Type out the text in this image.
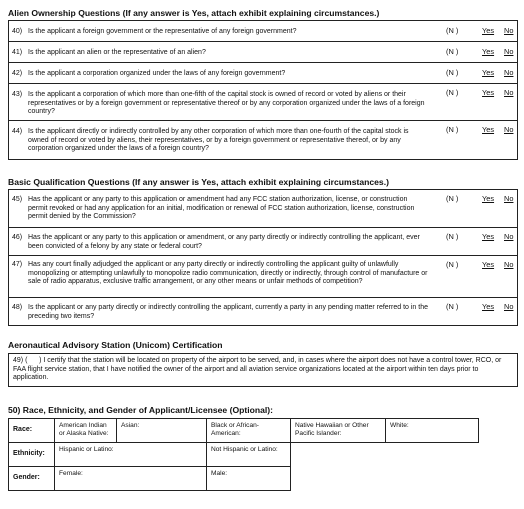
Alien Ownership Questions (If any answer is Yes, attach exhibit explaining circumstances.)
40) Is the applicant a foreign government or the representative of any foreign government?	(N )	Yes No
41) Is the applicant an alien or the representative of an alien?	(N )	Yes No
42) Is the applicant a corporation organized under the laws of any foreign government?	(N )	Yes No
43) Is the applicant a corporation of which more than one-fifth of the capital stock is owned of record or voted by aliens or their representatives or by a foreign government or representative thereof or by any corporation organized under the laws of a foreign country?
(N )	Yes No
44) Is the applicant directly or indirectly controlled by any other corporation of which more than one-fourth of the capital stock is owned of record or voted by aliens, their representatives, or by a foreign government or representative thereof, or by any corporation organized under the laws of a foreign country?
(N )	Yes No
Basic Qualification Questions (If any answer is Yes, attach exhibit explaining circumstances.)
45) Has the applicant or any party to this application or amendment had any FCC station authorization, license, or construction permit revoked or had any application for an initial, modification or renewal of FCC station authorization, license, construction permit denied by the Commission?
(N )	Yes No
46) Has the applicant or any party to this application or amendment, or any party directly or indirectly controlling the applicant, ever been convicted of a felony by any state or federal court?
(N )	Yes No
47) Has any court finally adjudged the applicant or any party directly or indirectly controlling the applicant guilty of unlawfully monopolizing or attempting unlawfully to monopolize radio communication, directly or indirectly, through control of manufacture or sale of radio apparatus, exclusive traffic arrangement, or any other means or unfair methods of competition?
(N )	Yes No
48) Is the applicant or any party directly or indirectly controlling the applicant, currently a party in any pending matter referred to in the preceding two items?
(N )	Yes No
Aeronautical Advisory Station (Unicom) Certification
49) (      ) I certify that the station will be located on property of the airport to be served, and, in cases where the airport does not have a control tower, RCO, or FAA flight service station, that I have notified the owner of the airport and all aviation service organizations located at the airport within ten days prior to application.
50) Race, Ethnicity, and Gender of Applicant/Licensee (Optional):
Race:	American Indian or Alaska Native:	Asian:	Black or African-American:	Native Hawaiian or Other Pacific Islander:	White:
Ethnicity:	Hispanic or Latino:		Not Hispanic or Latino:		
Gender:	Female:		Male:		
